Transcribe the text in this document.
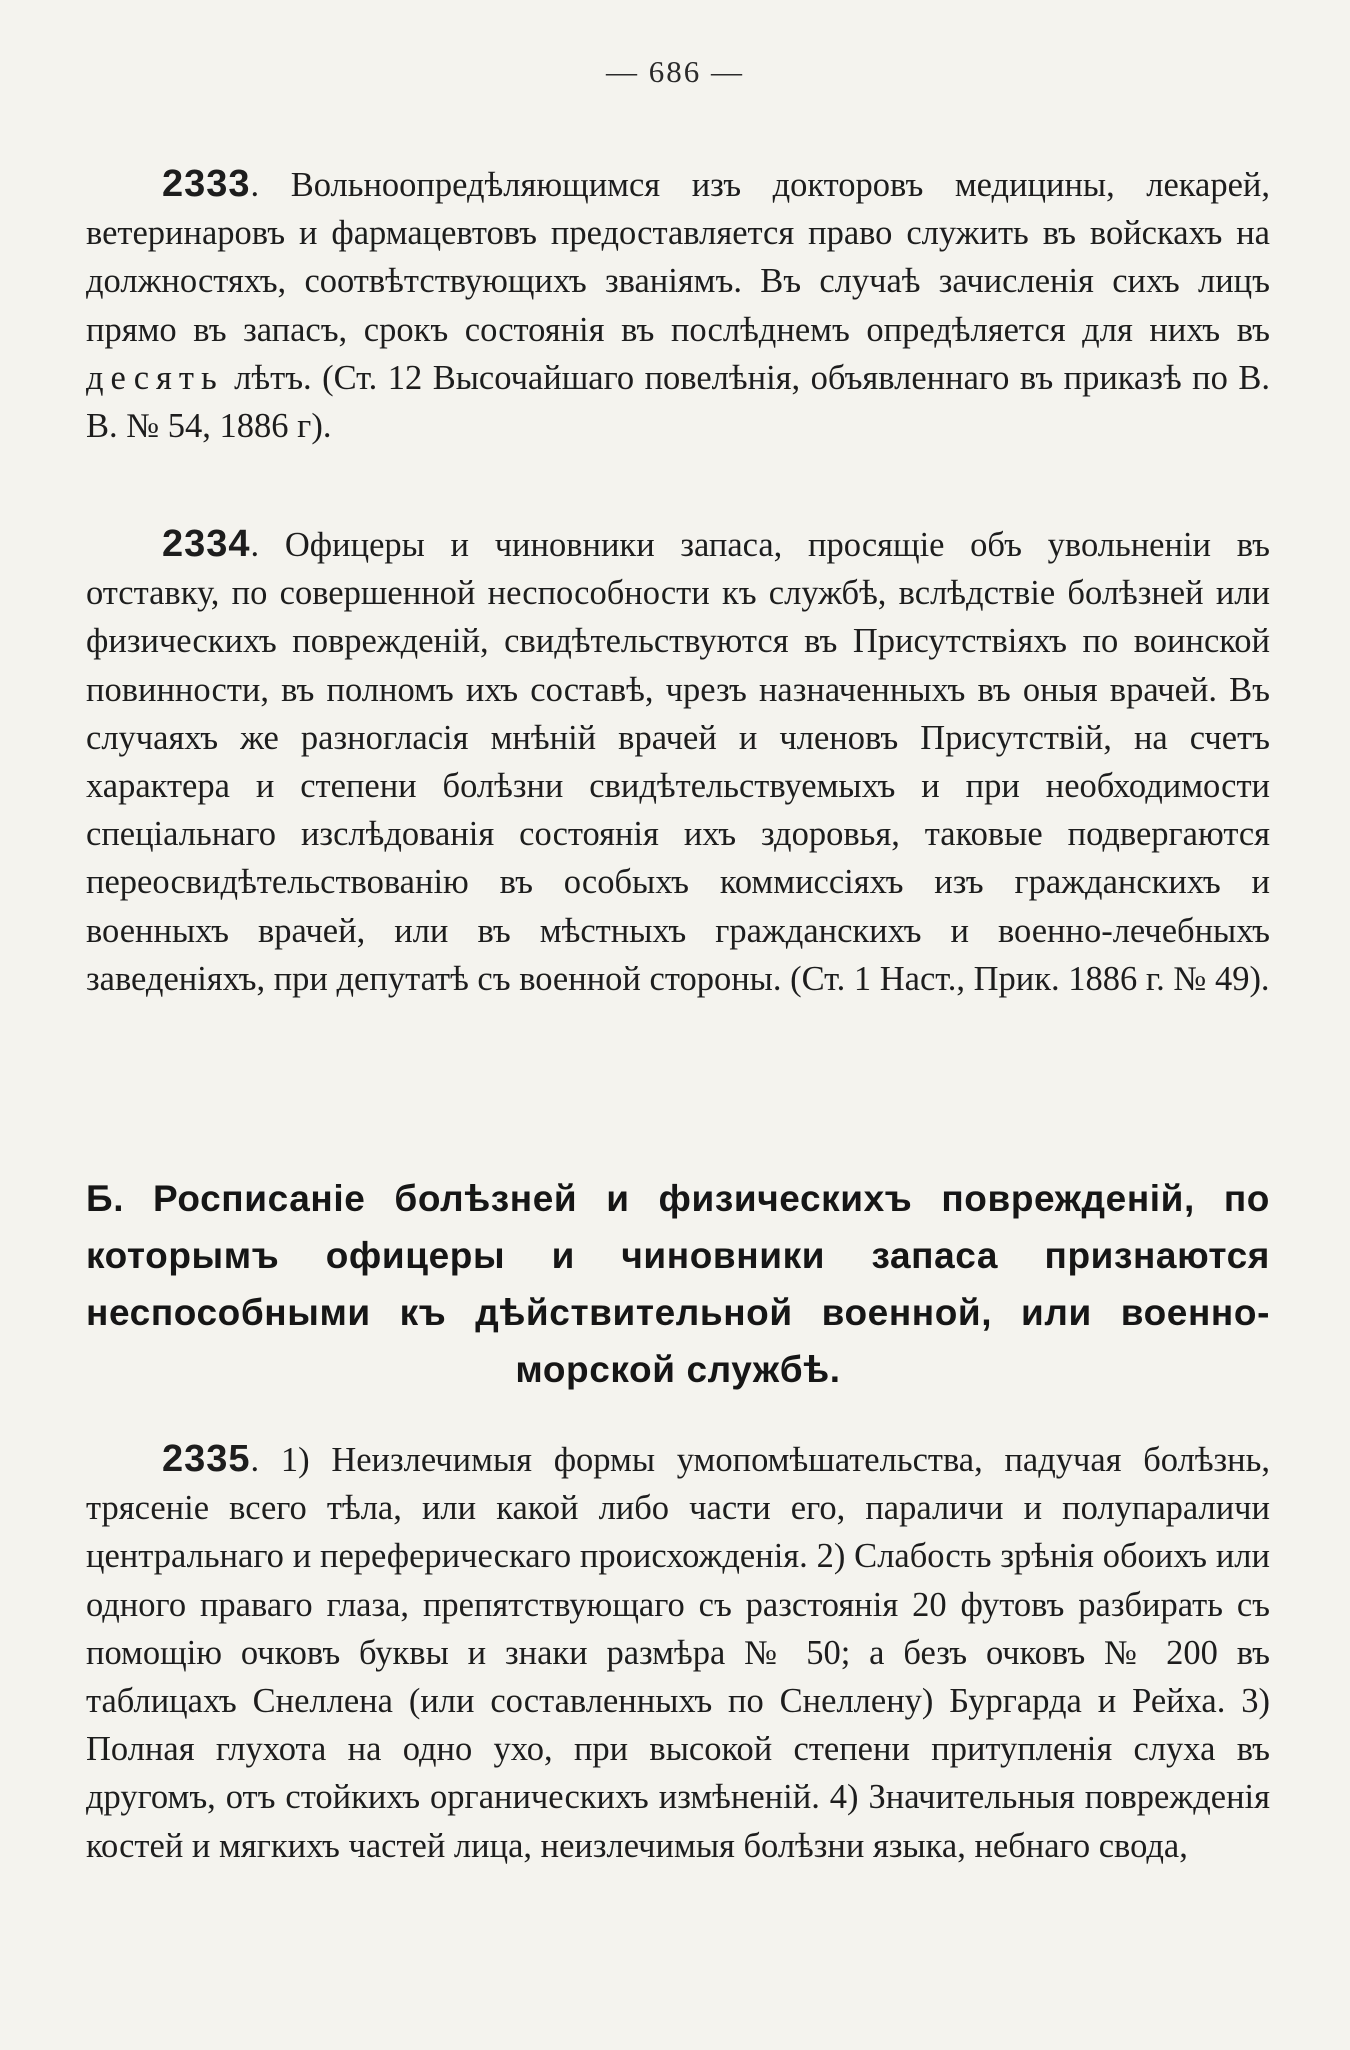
— 686 —

2333. Вольноопредѣляющимся изъ докторовъ медицины, лекарей, ветеринаровъ и фармацевтовъ предоставляется право служить въ войскахъ на должностяхъ, соотвѣтствующихъ званіямъ. Въ случаѣ зачисленія сихъ лицъ прямо въ запасъ, срокъ состоянія въ послѣднемъ опредѣляется для нихъ въ десять лѣтъ. (Ст. 12 Высочайшаго повелѣнія, объявленнаго въ приказѣ по В. В. № 54, 1886 г).

2334. Офицеры и чиновники запаса, просящіе объ увольненіи въ отставку, по совершенной неспособности къ службѣ, вслѣдствіе болѣзней или физическихъ поврежденій, свидѣтельствуются въ Присутствіяхъ по воинской повинности, въ полномъ ихъ составѣ, чрезъ назначенныхъ въ оныя врачей. Въ случаяхъ же разногласія мнѣній врачей и членовъ Присутствій, на счетъ характера и степени болѣзни свидѣтельствуемыхъ и при необходимости спеціальнаго изслѣдованія состоянія ихъ здоровья, таковые подвергаются переосвидѣтельствованію въ особыхъ коммиссіяхъ изъ гражданскихъ и военныхъ врачей, или въ мѣстныхъ гражданскихъ и военно-лечебныхъ заведеніяхъ, при депутатѣ съ военной стороны. (Ст. 1 Наст., Прик. 1886 г. № 49).

Б. Росписаніе болѣзней и физическихъ поврежденій, по которымъ офицеры и чиновники запаса признаются неспособными къ дѣйствительной военной, или военно-морской службѣ.

2335. 1) Неизлечимыя формы умопомѣшательства, падучая болѣзнь, трясеніе всего тѣла, или какой либо части его, параличи и полупараличи центральнаго и переферическаго происхожденія. 2) Слабость зрѣнія обоихъ или одного праваго глаза, препятствующаго съ разстоянія 20 футовъ разбирать съ помощію очковъ буквы и знаки размѣра № 50; а безъ очковъ № 200 въ таблицахъ Снеллена (или составленныхъ по Снеллену) Бургарда и Рейха. 3) Полная глухота на одно ухо, при высокой степени притупленія слуха въ другомъ, отъ стойкихъ органическихъ измѣненій. 4) Значительныя поврежденія костей и мягкихъ частей лица, неизлечимыя болѣзни языка, небнаго свода,
